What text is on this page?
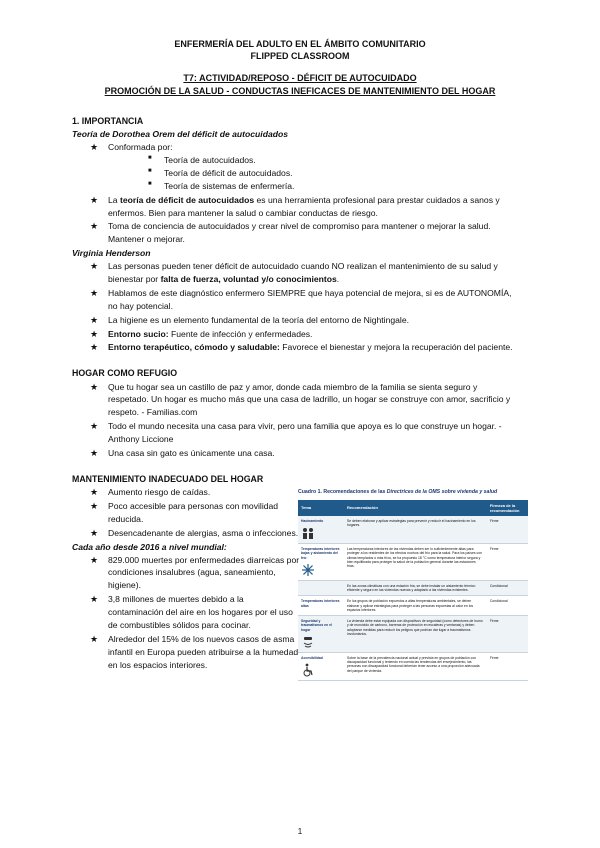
ENFERMERÍA DEL ADULTO EN EL ÁMBITO COMUNITARIO
FLIPPED CLASSROOM
T7: ACTIVIDAD/REPOSO - DÉFICIT DE AUTOCUIDADO
PROMOCIÓN DE LA SALUD - CONDUCTAS INEFICACES DE MANTENIMIENTO DEL HOGAR
1. IMPORTANCIA
Teoría de Dorothea Orem del déficit de autocuidados
★ Conformada por:
■ Teoría de autocuidados.
■ Teoría de déficit de autocuidados.
■ Teoría de sistemas de enfermería.
★ La teoría de déficit de autocuidados es una herramienta profesional para prestar cuidados a sanos y enfermos. Bien para mantener la salud o cambiar conductas de riesgo.
★ Toma de conciencia de autocuidados y crear nivel de compromiso para mantener o mejorar la salud. Mantener o mejorar.
Virginia Henderson
★ Las personas pueden tener déficit de autocuidado cuando NO realizan el mantenimiento de su salud y bienestar por falta de fuerza, voluntad y/o conocimientos.
★ Hablamos de este diagnóstico enfermero SIEMPRE que haya potencial de mejora, si es de AUTONOMÍA, no hay potencial.
★ La higiene es un elemento fundamental de la teoría del entorno de Nightingale.
★ Entorno sucio: Fuente de infección y enfermedades.
★ Entorno terapéutico, cómodo y saludable: Favorece el bienestar y mejora la recuperación del paciente.
HOGAR COMO REFUGIO
★ Que tu hogar sea un castillo de paz y amor, donde cada miembro de la familia se sienta seguro y respetado. Un hogar es mucho más que una casa de ladrillo, un hogar se construye con amor, sacrificio y respeto. - Familias.com
★ Todo el mundo necesita una casa para vivir, pero una familia que apoya es lo que construye un hogar. - Anthony Liccione
★ Una casa sin gato es únicamente una casa.
MANTENIMIENTO INADECUADO DEL HOGAR
★ Aumento riesgo de caídas.
★ Poco accesible para personas con movilidad reducida.
★ Desencadenante de alergias, asma o infecciones.
Cada año desde 2016 a nivel mundial:
★ 829.000 muertes por enfermedades diarreicas por condiciones insalubres (agua, saneamiento, higiene).
★ 3,8 millones de muertes debido a la contaminación del aire en los hogares por el uso de combustibles sólidos para cocinar.
★ Alrededor del 15% de los nuevos casos de asma infantil en Europa pueden atribuirse a la humedad en los espacios interiores.
Cuadro 1. Recomendaciones de las Directrices de la OMS sobre vivienda y salud
Tema	Recomendación	Firmeza de la recomendación
Hacinamiento	Se deben elaborar y aplicar estrategias para prevenir y reducir el hacinamiento en los hogares.	Firme
Temperaturas interiores bajas y aislamiento del frío	Las temperaturas interiores de las viviendas deben ser lo suficientemente altas para proteger a los residentes de los efectos nocivos del frío para la salud. Para los países con climas templados o más fríos, se ha propuesto 18 °C como temperatura interior segura y bien equilibrada para proteger la salud de la población general durante las estaciones frías.	Firme
	En las zonas climáticas con una estación fría, se debe instalar un aislamiento térmico eficiente y seguro en las viviendas nuevas y adaptarlo a las viviendas existentes.	Condicional
Temperaturas interiores altas	En los grupos de población expuestos a altas temperaturas ambientales, se deben elaborar y aplicar estrategias para proteger a las personas expuestas al calor en los espacios interiores.	Condicional
Seguridad y traumatismos en el hogar	La vivienda debe estar equipada con dispositivos de seguridad (como detectores de humo y de monóxido de carbono, barreras de protección en escaleras y ventanas) y deben adoptarse medidas para reducir los peligros que podrían dar lugar a traumatismos involuntarios.	Firme
Accesibilidad	Sobre la base de la prevalencia nacional actual y prevista en grupos de población con discapacidad funcional y teniendo en cuenta las tendencias del envejecimiento, las personas con discapacidad funcional deberían tener acceso a una proporción adecuada del parque de vivienda.	Firme
1
